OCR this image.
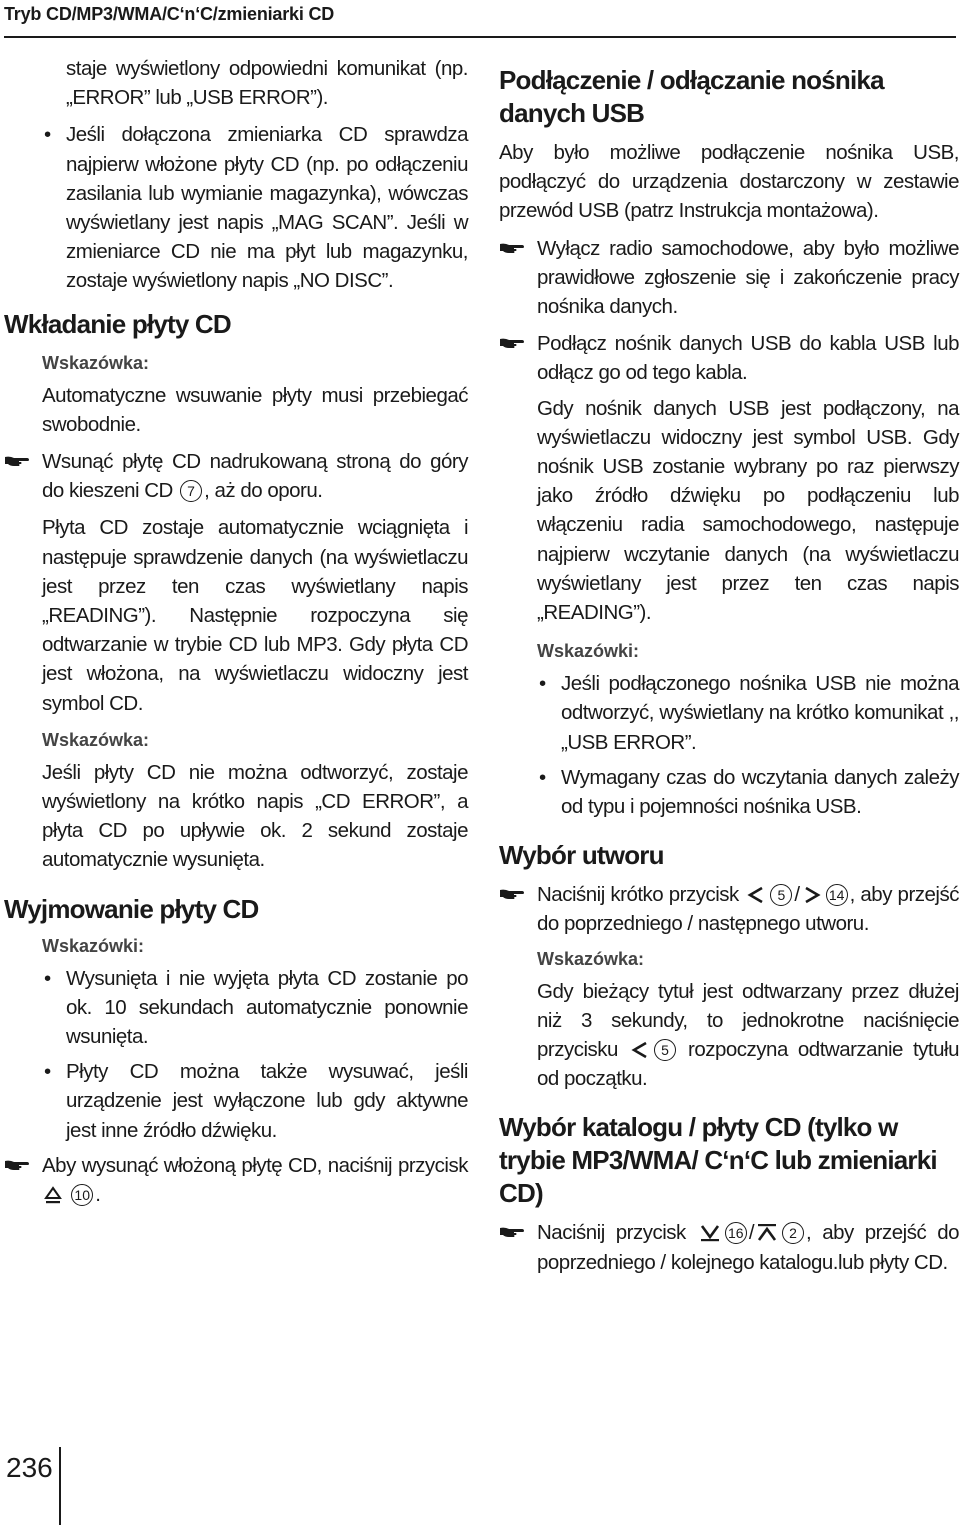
Tryb CD/MP3/WMA/C‘n‘C/zmieniarki CD

staje wyświetlony odpowiedni komunikat (np. „ERROR” lub „USB ERROR”).

• Jeśli dołączona zmieniarka CD sprawdza najpierw włożone płyty CD (np. po odłączeniu zasilania lub wymianie magazynka), wówczas wyświetlany jest napis „MAG SCAN”. Jeśli w zmieniarce CD nie ma płyt lub magazynku, zostaje wyświetlony napis „NO DISC”.

Wkładanie płyty CD

Wskazówka:

Automatyczne wsuwanie płyty musi przebiegać swobodnie.

Wsunąć płytę CD nadrukowaną stroną do góry do kieszeni CD 7 , aż do oporu.

Płyta CD zostaje automatycznie wciągnięta i następuje sprawdzenie danych (na wyświetlaczu jest przez ten czas wyświetlany napis „READING”). Następnie rozpoczyna się odtwarzanie w trybie CD lub MP3. Gdy płyta CD jest włożona, na wyświetlaczu widoczny jest symbol CD.

Wskazówka:

Jeśli płyty CD nie można odtworzyć, zostaje wyświetlony na krótko napis „CD ERROR”, a płyta CD po upływie ok. 2 sekund zostaje automatycznie wysunięta.

Wyjmowanie płyty CD

Wskazówki:

• Wysunięta i nie wyjęta płyta CD zostanie po ok. 10 sekundach automatycznie ponownie wsunięta.

• Płyty CD można także wysuwać, jeśli urządzenie jest wyłączone lub gdy aktywne jest inne źródło dźwięku.

Aby wysunąć włożoną płytę CD, naciśnij przycisk  10 .

Podłączenie / odłączanie nośnika danych USB

Aby było możliwe podłączenie nośnika USB, podłączyć do urządzenia dostarczony w zestawie przewód USB (patrz Instrukcja montażowa).

Wyłącz radio samochodowe, aby było możliwe prawidłowe zgłoszenie się i zakończenie pracy nośnika danych.

Podłącz nośnik danych USB do kabla USB lub odłącz go od tego kabla.

Gdy nośnik danych USB jest podłączony, na wyświetlaczu widoczny jest symbol USB. Gdy nośnik USB zostanie wybrany po raz pierwszy jako źródło dźwięku po podłączeniu lub włączeniu radia samochodowego, następuje najpierw wczytanie danych (na wyświetlaczu wyświetlany jest przez ten czas napis „READING”).

Wskazówki:

• Jeśli podłączonego nośnika USB nie można odtworzyć, wyświetlany na krótko komunikat ,,„USB ERROR”.

• Wymagany czas do wczytania danych zależy od typu i pojemności nośnika USB.

Wybór utworu

Naciśnij krótko przycisk	5 / 14 , aby przejść do poprzedniego / następnego utworu.

Wskazówka:

Gdy bieżący tytuł jest odtwarzany przez dłużej niż 3 sekundy, to jednokrotne naciśnięcie przycisku	5 rozpoczyna odtwarzanie tytułu od początku.

Wybór katalogu / płyty CD (tylko w trybie MP3/WMA/ C‘n‘C lub zmieniarki CD)

Naciśnij przycisk	16 /	2 , aby przejść do poprzedniego / kolejnego katalogu.lub płyty CD.

236
